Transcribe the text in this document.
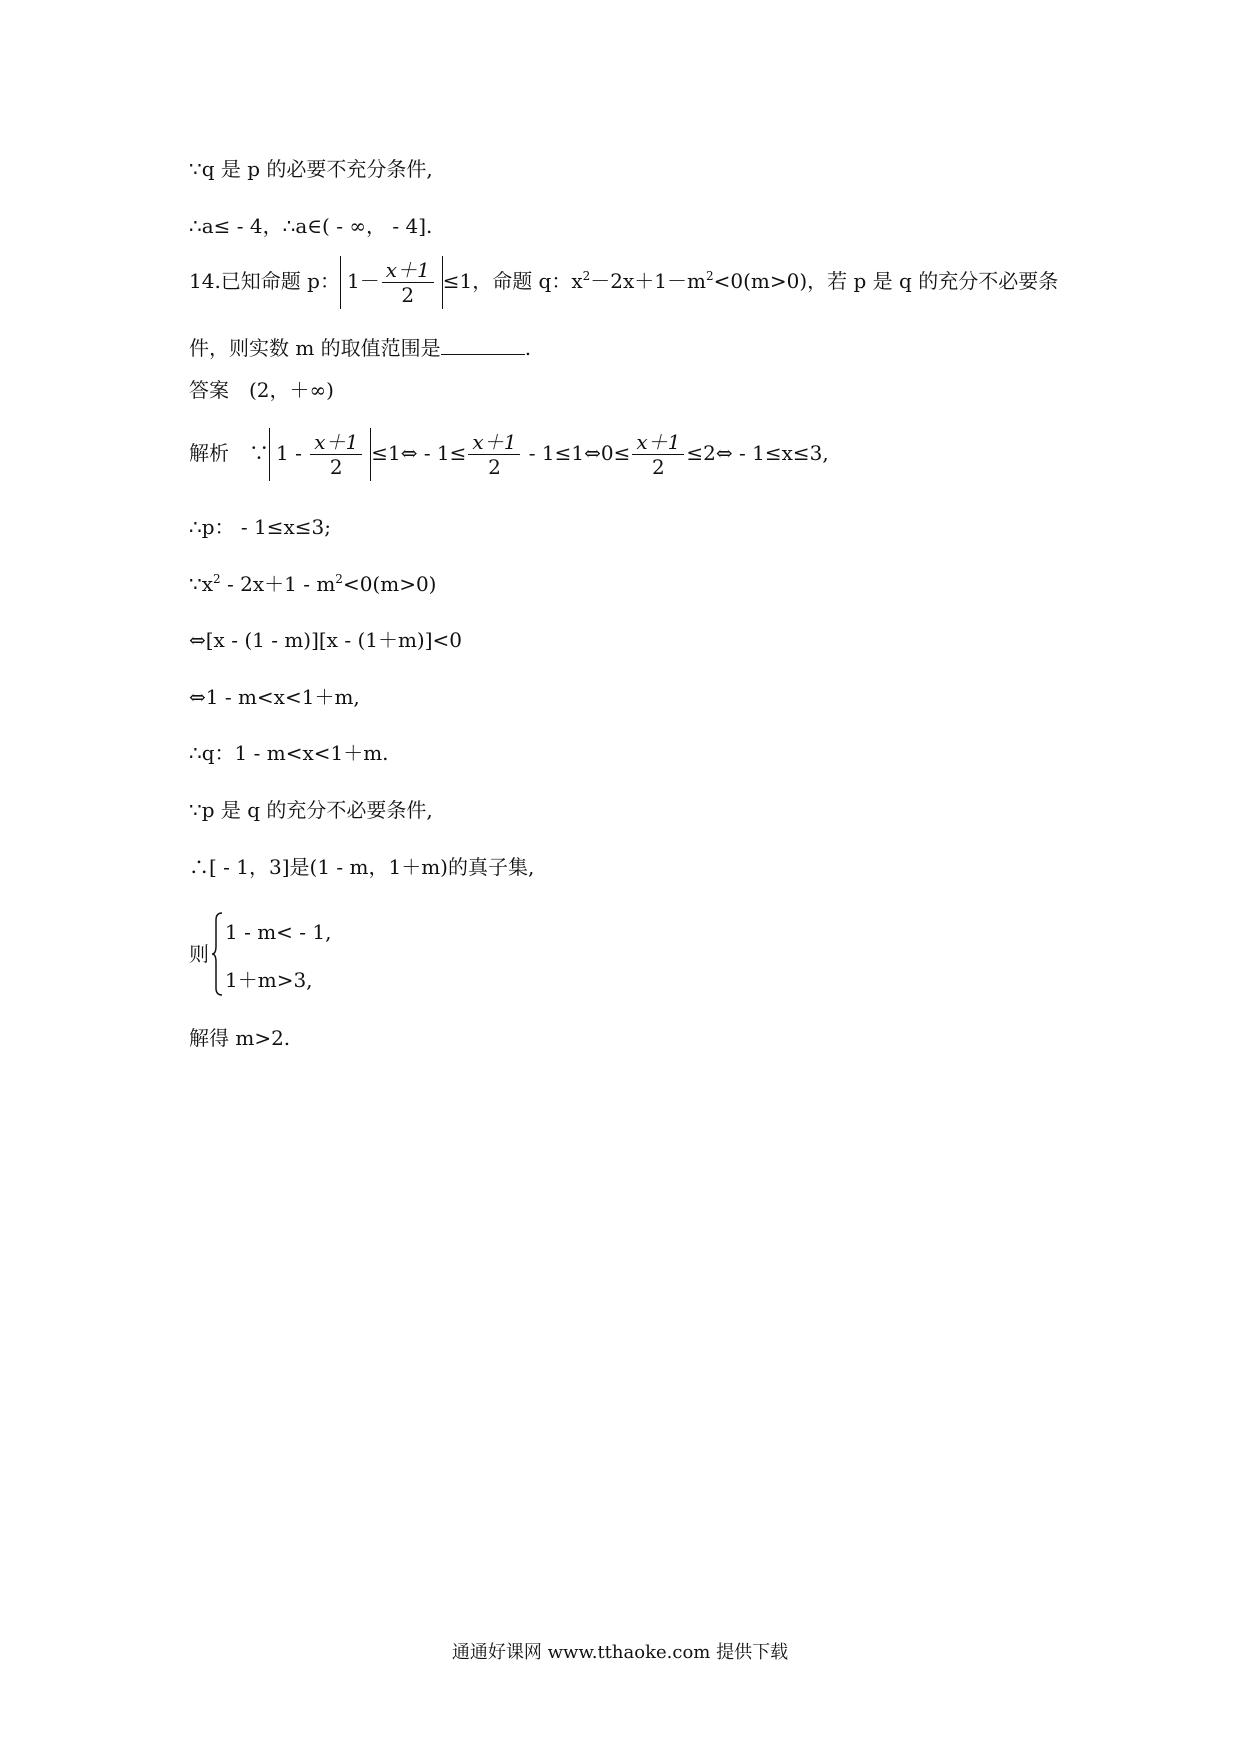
∵q 是 p 的必要不充分条件,
∴a≤ - 4，∴a∈( - ∞， - 4].
14.已知命题 p： $1- \frac{x+1}{2} \le 1$，命题 q：$x^2-2x+1-m^2<0(m>0)$，若 p 是 q 的充分不必要条
件，则实数 m 的取值范围是	.
答案　(2，＋∞)
解析　∵ $1 - \frac{x+1}{2}$ ≤1⇔ - $1\le \frac{x+1}{2}$ - 1≤1⇔0≤ $\frac{x+1}{2}$ ≤2⇔ - 1≤x≤3,
∴p： - 1≤x≤3;
$\because x^2 - 2x+1 - m^2<0(m>0)$
⇔[x - (1 - m)][x - (1＋m)]<0
⇔1 - m<x<1＋m,
∴q：1 - m<x<1＋m.
∵p 是 q 的充分不必要条件,
∴[ - 1，3]是(1 - m，1＋m)的真子集,
则
1 - m< - 1,
1＋m>3,
解得 m>2.
通通好课网 www.tthaoke.com 提供下载
